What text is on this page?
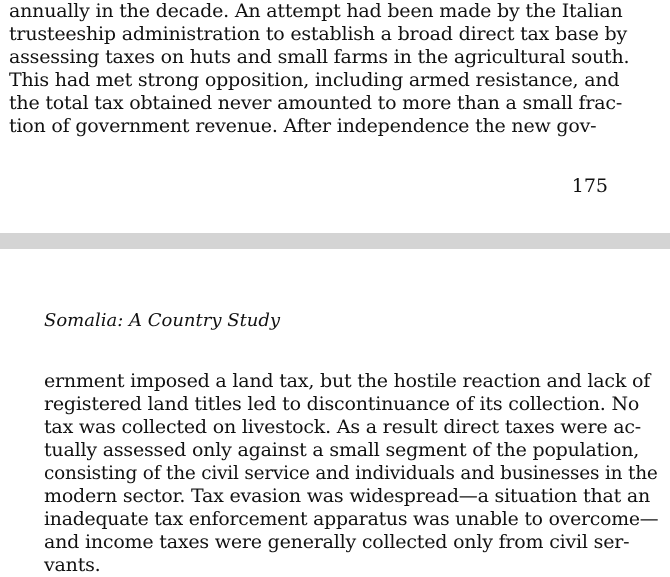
annually in the decade. An attempt had been made by the Italian
trusteeship administration to establish a broad direct tax base by
assessing taxes on huts and small farms in the agricultural south.
This had met strong opposition, including armed resistance, and
the total tax obtained never amounted to more than a small frac-
tion of government revenue. After independence the new gov-
175
Somalia: A Country Study
ernment imposed a land tax, but the hostile reaction and lack of
registered land titles led to discontinuance of its collection. No
tax was collected on livestock. As a result direct taxes were ac-
tually assessed only against a small segment of the population,
consisting of the civil service and individuals and businesses in the
modern sector. Tax evasion was widespread—a situation that an
inadequate tax enforcement apparatus was unable to overcome—
and income taxes were generally collected only from civil ser-
vants.
